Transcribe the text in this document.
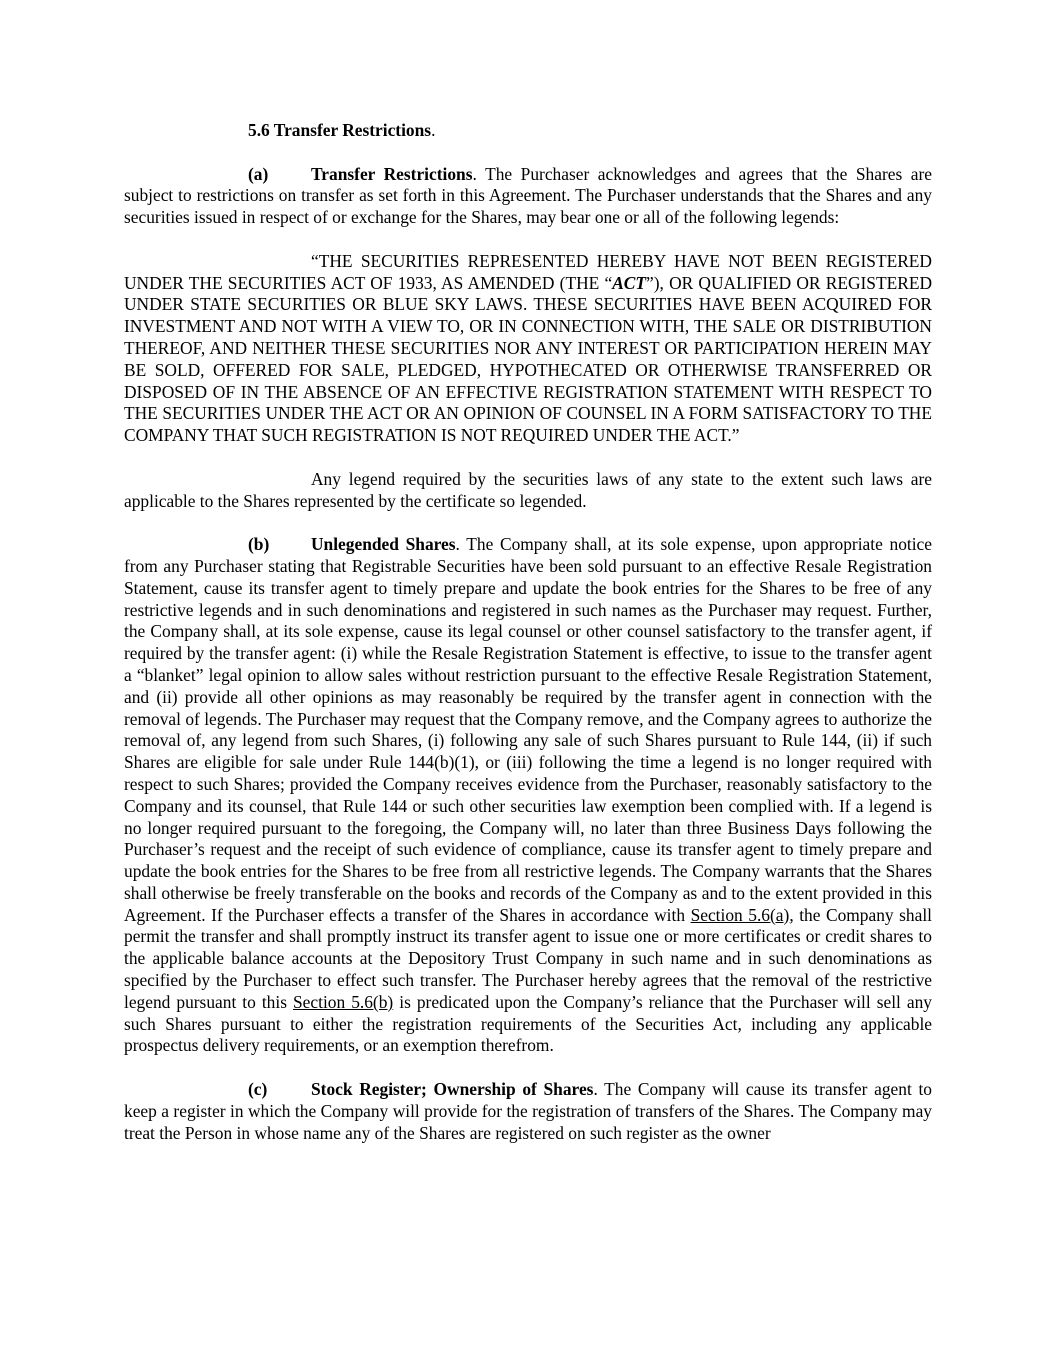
5.6 Transfer Restrictions.

(a) Transfer Restrictions. The Purchaser acknowledges and agrees that the Shares are subject to restrictions on transfer as set forth in this Agreement. The Purchaser understands that the Shares and any securities issued in respect of or exchange for the Shares, may bear one or all of the following legends:

“THE SECURITIES REPRESENTED HEREBY HAVE NOT BEEN REGISTERED UNDER THE SECURITIES ACT OF 1933, AS AMENDED (THE “ACT”), OR QUALIFIED OR REGISTERED UNDER STATE SECURITIES OR BLUE SKY LAWS. THESE SECURITIES HAVE BEEN ACQUIRED FOR INVESTMENT AND NOT WITH A VIEW TO, OR IN CONNECTION WITH, THE SALE OR DISTRIBUTION THEREOF, AND NEITHER THESE SECURITIES NOR ANY INTEREST OR PARTICIPATION HEREIN MAY BE SOLD, OFFERED FOR SALE, PLEDGED, HYPOTHECATED OR OTHERWISE TRANSFERRED OR DISPOSED OF IN THE ABSENCE OF AN EFFECTIVE REGISTRATION STATEMENT WITH RESPECT TO THE SECURITIES UNDER THE ACT OR AN OPINION OF COUNSEL IN A FORM SATISFACTORY TO THE COMPANY THAT SUCH REGISTRATION IS NOT REQUIRED UNDER THE ACT.”

Any legend required by the securities laws of any state to the extent such laws are applicable to the Shares represented by the certificate so legended.

(b) Unlegended Shares. The Company shall, at its sole expense, upon appropriate notice from any Purchaser stating that Registrable Securities have been sold pursuant to an effective Resale Registration Statement, cause its transfer agent to timely prepare and update the book entries for the Shares to be free of any restrictive legends and in such denominations and registered in such names as the Purchaser may request. Further, the Company shall, at its sole expense, cause its legal counsel or other counsel satisfactory to the transfer agent, if required by the transfer agent: (i) while the Resale Registration Statement is effective, to issue to the transfer agent a “blanket” legal opinion to allow sales without restriction pursuant to the effective Resale Registration Statement, and (ii) provide all other opinions as may reasonably be required by the transfer agent in connection with the removal of legends. The Purchaser may request that the Company remove, and the Company agrees to authorize the removal of, any legend from such Shares, (i) following any sale of such Shares pursuant to Rule 144, (ii) if such Shares are eligible for sale under Rule 144(b)(1), or (iii) following the time a legend is no longer required with respect to such Shares; provided the Company receives evidence from the Purchaser, reasonably satisfactory to the Company and its counsel, that Rule 144 or such other securities law exemption been complied with. If a legend is no longer required pursuant to the foregoing, the Company will, no later than three Business Days following the Purchaser’s request and the receipt of such evidence of compliance, cause its transfer agent to timely prepare and update the book entries for the Shares to be free from all restrictive legends. The Company warrants that the Shares shall otherwise be freely transferable on the books and records of the Company as and to the extent provided in this Agreement. If the Purchaser effects a transfer of the Shares in accordance with Section 5.6(a), the Company shall permit the transfer and shall promptly instruct its transfer agent to issue one or more certificates or credit shares to the applicable balance accounts at the Depository Trust Company in such name and in such denominations as specified by the Purchaser to effect such transfer. The Purchaser hereby agrees that the removal of the restrictive legend pursuant to this Section 5.6(b) is predicated upon the Company’s reliance that the Purchaser will sell any such Shares pursuant to either the registration requirements of the Securities Act, including any applicable prospectus delivery requirements, or an exemption therefrom.

(c)	Stock Register; Ownership of Shares. The Company will cause its transfer agent to keep a register in which the Company will provide for the registration of transfers of the Shares. The Company may treat the Person in whose name any of the Shares are registered on such register as the owner
